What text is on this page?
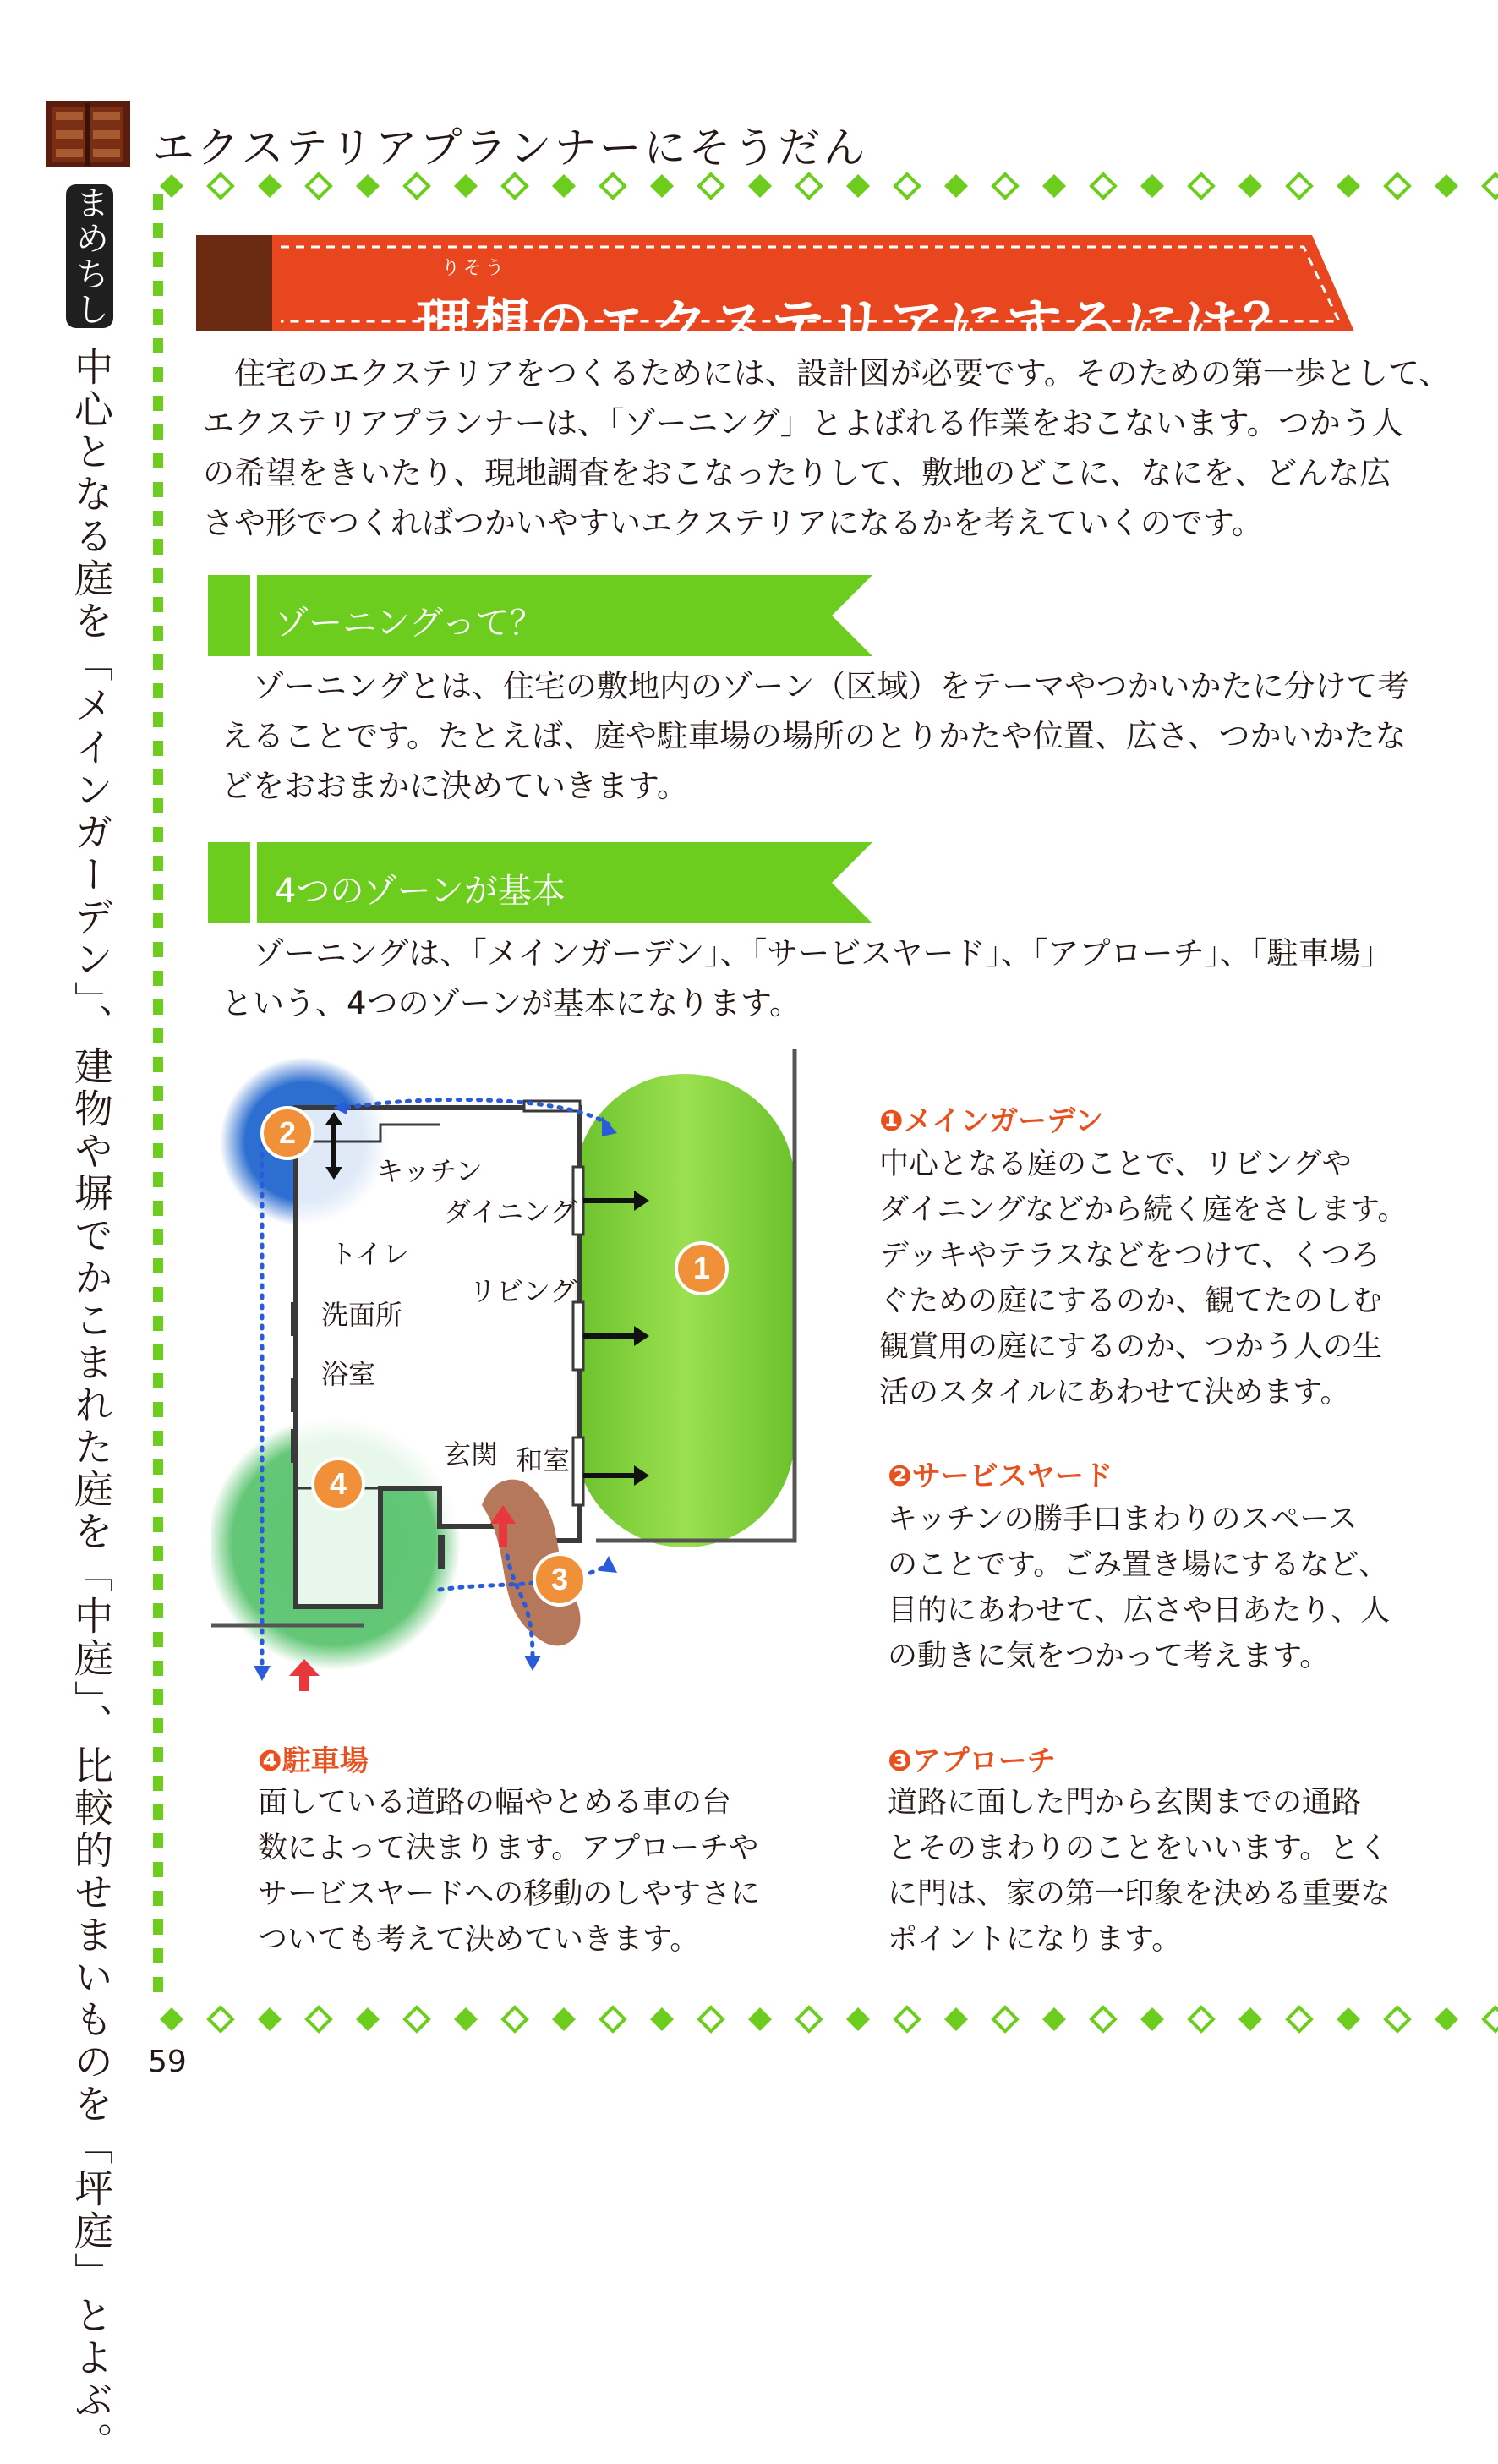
エクステリアプランナーにそうだん
まめちしき
中心となる庭を「メインガーデン」、建物や塀でかこまれた庭を「中庭」、比較的せまいものを「坪庭」とよぶ。
りそう
理想のエクステリアにするには？
　住宅のエクステリアをつくるためには、設計図が必要です。そのための第一歩として、
エクステリアプランナーは、「ゾーニング」とよばれる作業をおこないます。つかう人
の希望をきいたり、現地調査をおこなったりして、敷地のどこに、なにを、どんな広
さや形でつくればつかいやすいエクステリアになるかを考えていくのです。
ゾーニングって？
　ゾーニングとは、住宅の敷地内のゾーン（区域）をテーマやつかいかたに分けて考
えることです。たとえば、庭や駐車場の場所のとりかたや位置、広さ、つかいかたな
どをおおまかに決めていきます。
4つのゾーンが基本
　ゾーニングは、「メインガーデン」、「サービスヤード」、「アプローチ」、「駐車場」
という、4つのゾーンが基本になります。
1
2
3
4
キッチン
ダイニング
トイレ
リビング
洗面所
浴室
玄関 和室
❶メインガーデン
中心となる庭のことで、リビングや
ダイニングなどから続く庭をさします。
デッキやテラスなどをつけて、くつろ
ぐための庭にするのか、観てたのしむ
観賞用の庭にするのか、つかう人の生
活のスタイルにあわせて決めます。
❷サービスヤード
キッチンの勝手口まわりのスペース
のことです。ごみ置き場にするなど、
目的にあわせて、広さや日あたり、人
の動きに気をつかって考えます。
❹駐車場
面している道路の幅やとめる車の台
数によって決まります。アプローチや
サービスヤードへの移動のしやすさに
ついても考えて決めていきます。
❸アプローチ
道路に面した門から玄関までの通路
とそのまわりのことをいいます。とく
に門は、家の第一印象を決める重要な
ポイントになります。
59
